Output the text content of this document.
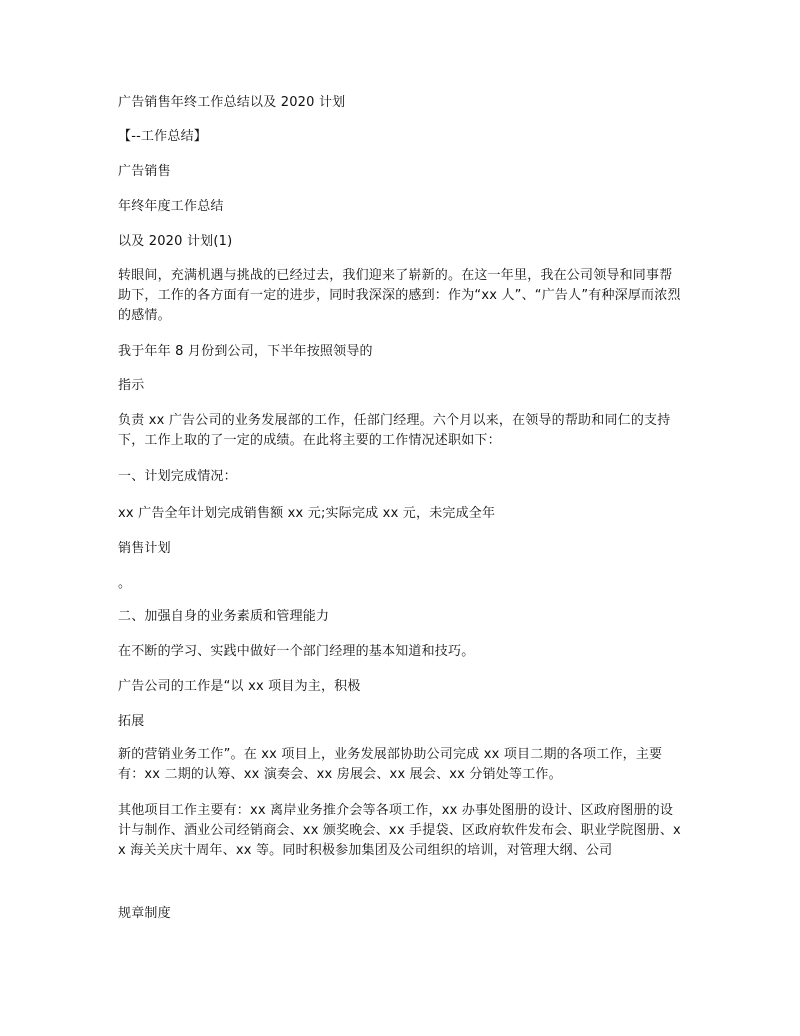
广告销售年终工作总结以及 2020 计划

【--工作总结】

广告销售

年终年度工作总结

以及 2020 计划(1)

转眼间，充满机遇与挑战的已经过去，我们迎来了崭新的。在这一年里，我在公司领导和同事帮助下，工作的各方面有一定的进步，同时我深深的感到：作为“xx 人”、“广告人”有种深厚而浓烈的感情。

我于年年 8 月份到公司，下半年按照领导的

指示

负责 xx 广告公司的业务发展部的工作，任部门经理。六个月以来，在领导的帮助和同仁的支持下，工作上取的了一定的成绩。在此将主要的工作情况述职如下：

一、计划完成情况：

xx 广告全年计划完成销售额 xx 元;实际完成 xx 元，未完成全年

销售计划

。

二、加强自身的业务素质和管理能力

在不断的学习、实践中做好一个部门经理的基本知道和技巧。

广告公司的工作是“以 xx 项目为主，积极

拓展

新的营销业务工作”。在 xx 项目上，业务发展部协助公司完成 xx 项目二期的各项工作，主要有：xx 二期的认筹、xx 演奏会、xx 房展会、xx 展会、xx 分销处等工作。

其他项目工作主要有：xx 离岸业务推介会等各项工作，xx 办事处图册的设计、区政府图册的设计与制作、酒业公司经销商会、xx 颁奖晚会、xx 手提袋、区政府软件发布会、职业学院图册、xx 海关关庆十周年、xx 等。同时积极参加集团及公司组织的培训，对管理大纲、公司

规章制度
